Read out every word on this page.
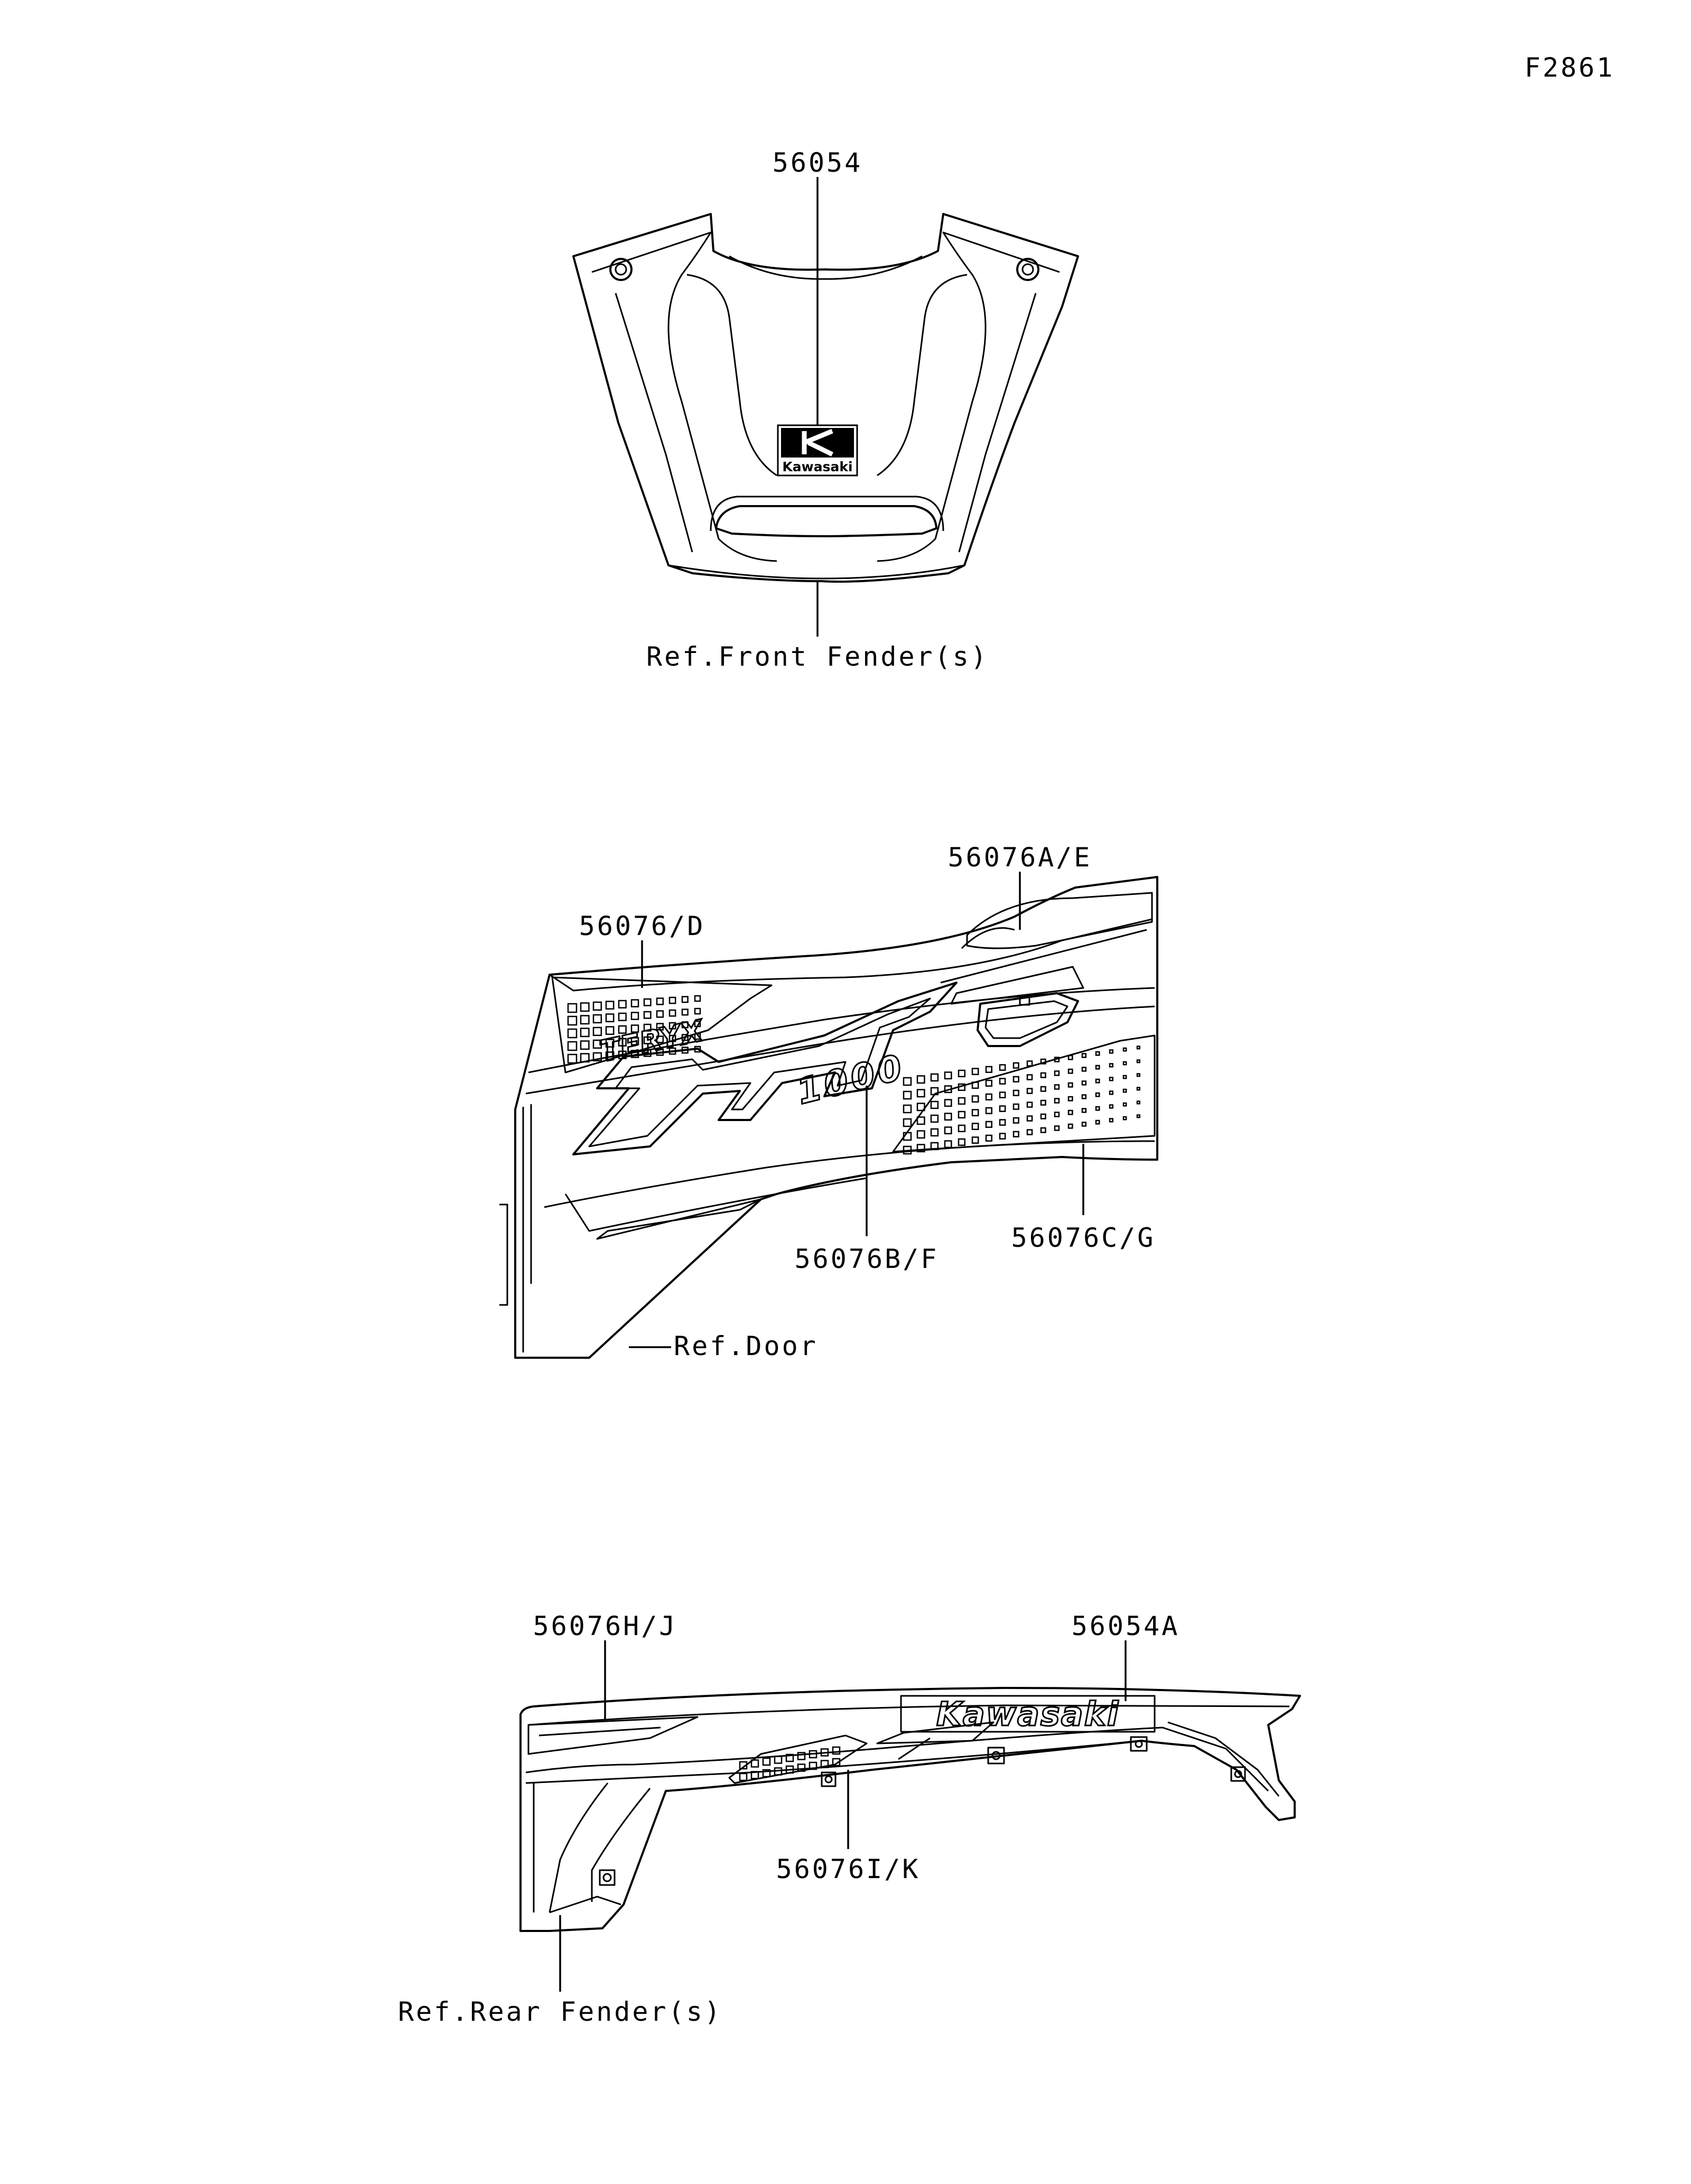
F2861
Kawasaki
56054
Ref.Front Fender(s)
TERYX
1000
56076/D
56076A/E
56076B/F
56076C/G
Ref.Door
Kawasaki
56076H/J	56054A
56076I/K
Ref.Rear Fender(s)
